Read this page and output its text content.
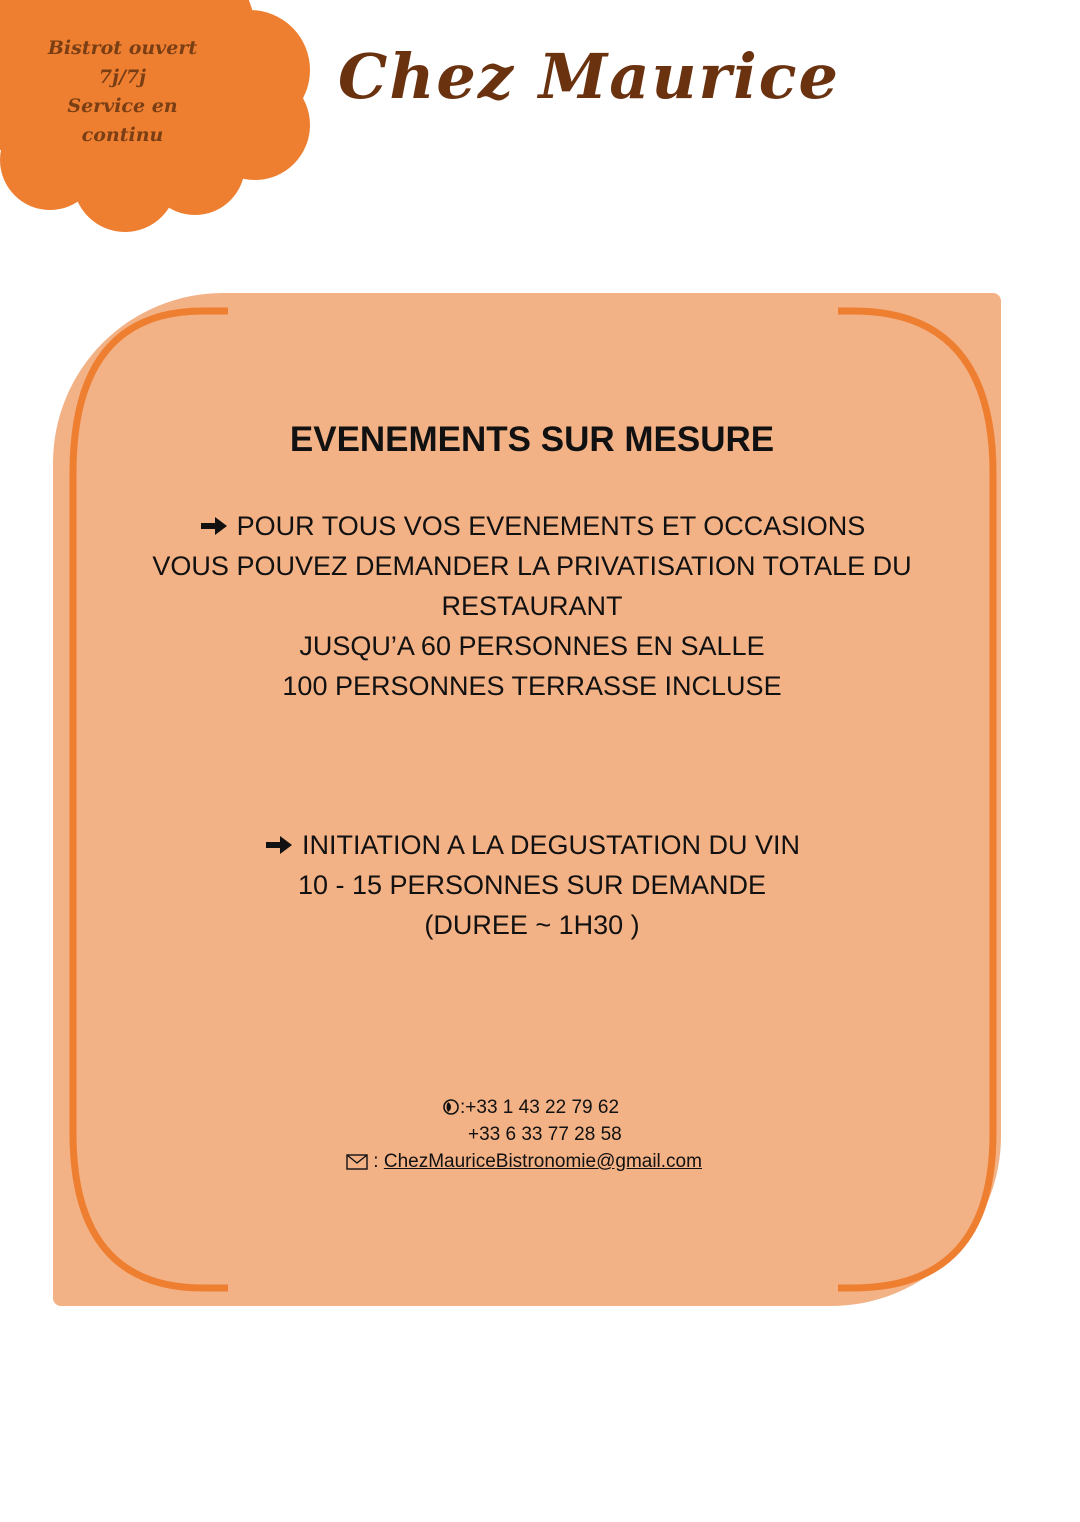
Bistrot ouvert
7j/7j
Service en
continu
Chez Maurice
EVENEMENTS SUR MESURE
POUR TOUS VOS EVENEMENTS ET OCCASIONS
VOUS POUVEZ DEMANDER LA PRIVATISATION TOTALE DU
RESTAURANT
JUSQU’A 60 PERSONNES EN SALLE
100 PERSONNES TERRASSE INCLUSE
INITIATION A LA DEGUSTATION DU VIN
10 - 15 PERSONNES SUR DEMANDE
(DUREE ~ 1H30 )
:+33 1 43 22 79 62
+33 6 33 77 28 58
: ChezMauriceBistronomie@gmail.com
